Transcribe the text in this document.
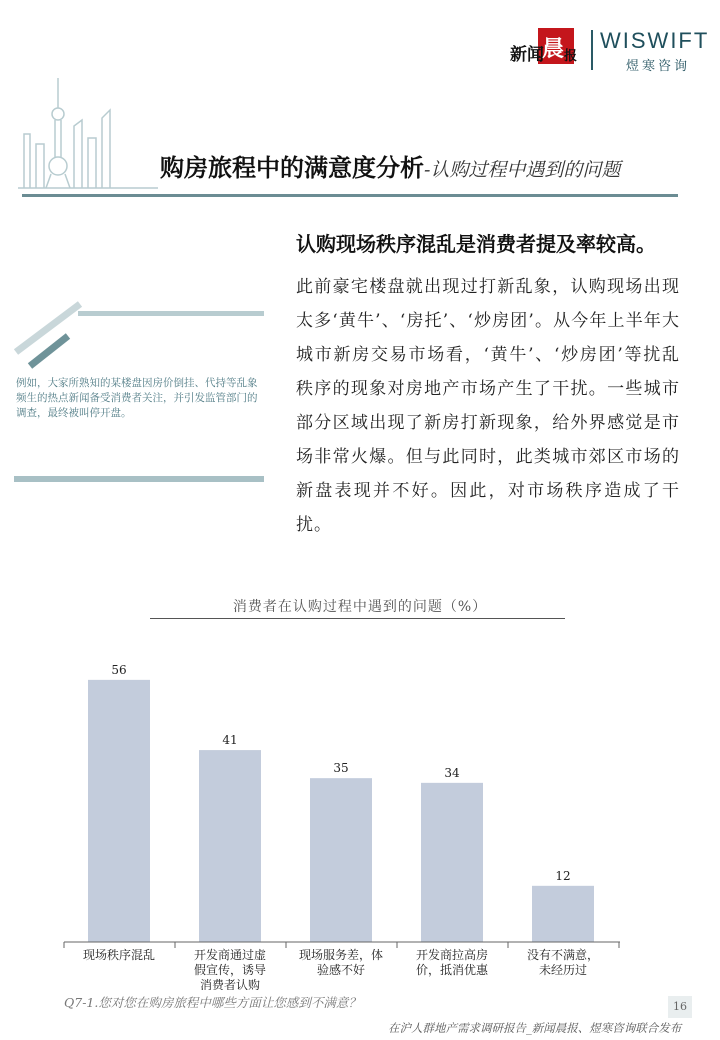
新闻
晨 报
WISWIFT
煜寒咨询
购房旅程中的满意度分析-认购过程中遇到的问题
认购现场秩序混乱是消费者提及率较高。
此前豪宅楼盘就出现过打新乱象，认购现场出现太多‘黄牛’、‘房托’、‘炒房团’。从今年上半年大城市新房交易市场看，‘黄牛’、‘炒房团’等扰乱秩序的现象对房地产市场产生了干扰。一些城市部分区域出现了新房打新现象，给外界感觉是市场非常火爆。但与此同时，此类城市郊区市场的新盘表现并不好。因此，对市场秩序造成了干扰。
例如，大家所熟知的某楼盘因房价倒挂、代持等乱象频生的热点新闻备受消费者关注，并引发监管部门的调查，最终被叫停开盘。
消费者在认购过程中遇到的问题（%）
56
现场秩序混乱
41
开发商通过虚
假宣传，诱导
消费者认购
35
现场服务差，体
验感不好
34
开发商拉高房
价，抵消优惠
12
没有不满意，
未经历过
Q7-1.您对您在购房旅程中哪些方面让您感到不满意？	16
在沪人群地产需求调研报告_新闻晨报、煜寒咨询联合发布
